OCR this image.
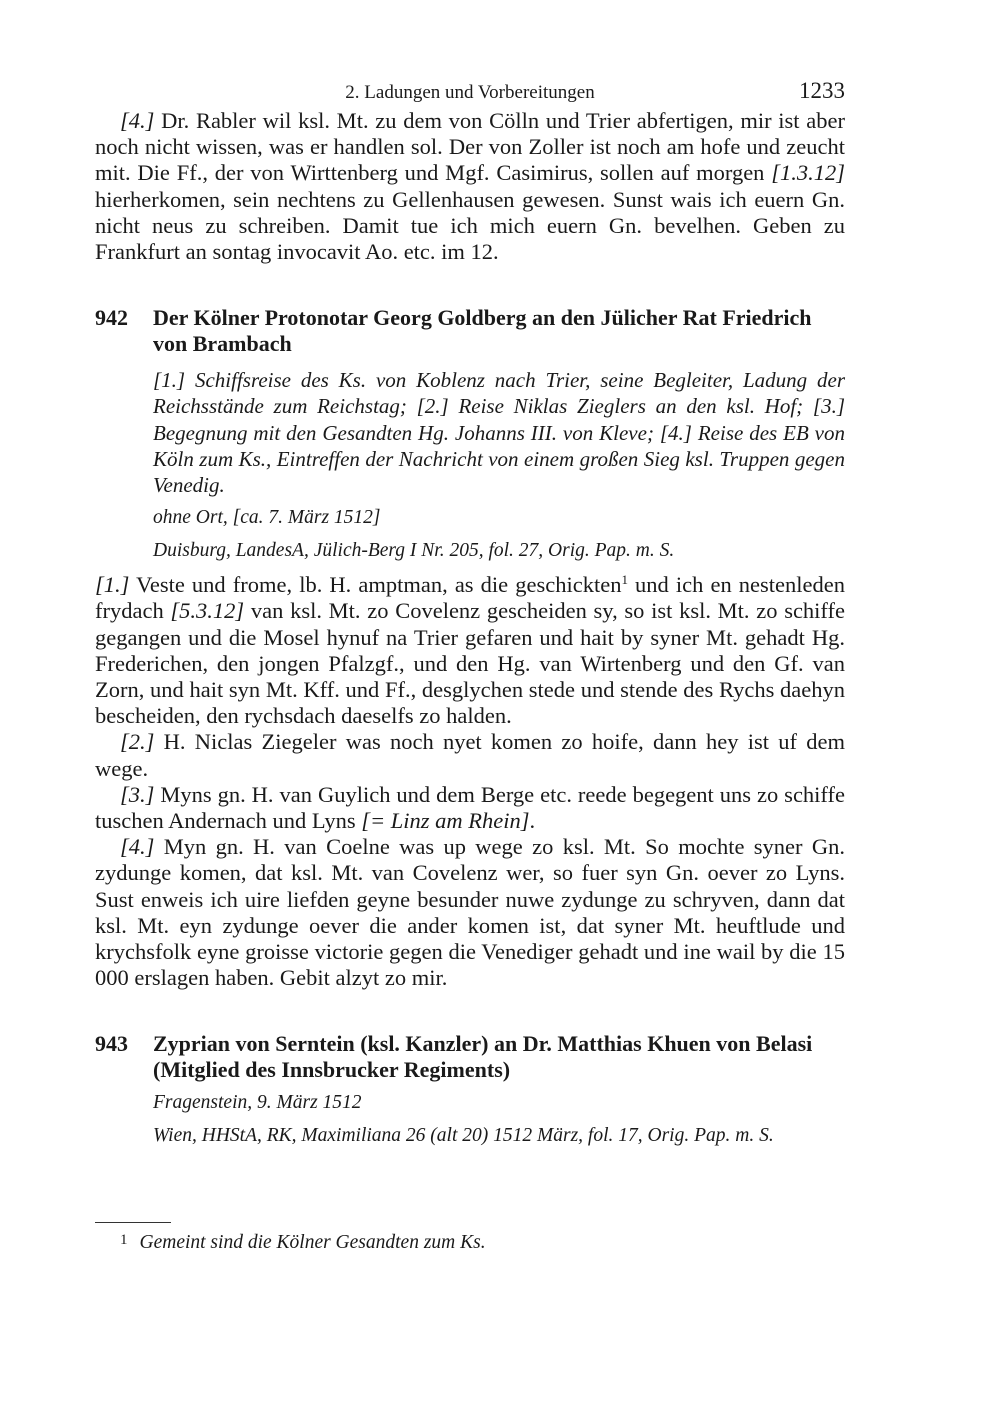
2. Ladungen und Vorbereitungen	1233

[4.] Dr. Rabler wil ksl. Mt. zu dem von Cölln und Trier abfertigen, mir ist aber noch nicht wissen, was er handlen sol. Der von Zoller ist noch am hofe und zeucht mit. Die Ff., der von Wirttenberg und Mgf. Casimirus, sollen auf morgen [1.3.12] hierherkomen, sein nechtens zu Gellenhausen gewesen. Sunst wais ich euern Gn. nicht neus zu schreiben. Damit tue ich mich euern Gn. bevelhen. Geben zu Frankfurt an sontag invocavit Ao. etc. im 12.

942 Der Kölner Protonotar Georg Goldberg an den Jülicher Rat Friedrich von Brambach
[1.] Schiffsreise des Ks. von Koblenz nach Trier, seine Begleiter, Ladung der Reichsstände zum Reichstag; [2.] Reise Niklas Zieglers an den ksl. Hof; [3.] Begegnung mit den Gesandten Hg. Johanns III. von Kleve; [4.] Reise des EB von Köln zum Ks., Eintreffen der Nachricht von einem großen Sieg ksl. Truppen gegen Venedig.
ohne Ort, [ca. 7. März 1512]
Duisburg, LandesA, Jülich-Berg I Nr. 205, fol. 27, Orig. Pap. m. S.

[1.] Veste und frome, lb. H. amptman, as die geschickten$^1$ und ich en nestenleden frydach [5.3.12] van ksl. Mt. zo Covelenz gescheiden sy, so ist ksl. Mt. zo schiffe gegangen und die Mosel hynuf na Trier gefaren und hait by syner Mt. gehadt Hg. Frederichen, den jongen Pfalzgf., und den Hg. van Wirtenberg und den Gf. van Zorn, und hait syn Mt. Kff. und Ff., desglychen stede und stende des Rychs daehyn bescheiden, den rychsdach daeselfs zo halden.

[2.] H. Niclas Ziegeler was noch nyet komen zo hoife, dann hey ist uf dem wege.

[3.] Myns gn. H. van Guylich und dem Berge etc. reede begegent uns zo schiffe tuschen Andernach und Lyns [= Linz am Rhein].

[4.] Myn gn. H. van Coelne was up wege zo ksl. Mt. So mochte syner Gn. zydunge komen, dat ksl. Mt. van Covelenz wer, so fuer syn Gn. oever zo Lyns. Sust enweis ich uire liefden geyne besunder nuwe zydunge zu schryven, dann dat ksl. Mt. eyn zydunge oever die ander komen ist, dat syner Mt. heuftlude und krychsfolk eyne groisse victorie gegen die Venediger gehadt und ine wail by die 15 000 erslagen haben. Gebit alzyt zo mir.

943 Zyprian von Serntein (ksl. Kanzler) an Dr. Matthias Khuen von Belasi (Mitglied des Innsbrucker Regiments)
Fragenstein, 9. März 1512
Wien, HHStA, RK, Maximiliana 26 (alt 20) 1512 März, fol. 17, Orig. Pap. m. S.
$^1$ Gemeint sind die Kölner Gesandten zum Ks.
